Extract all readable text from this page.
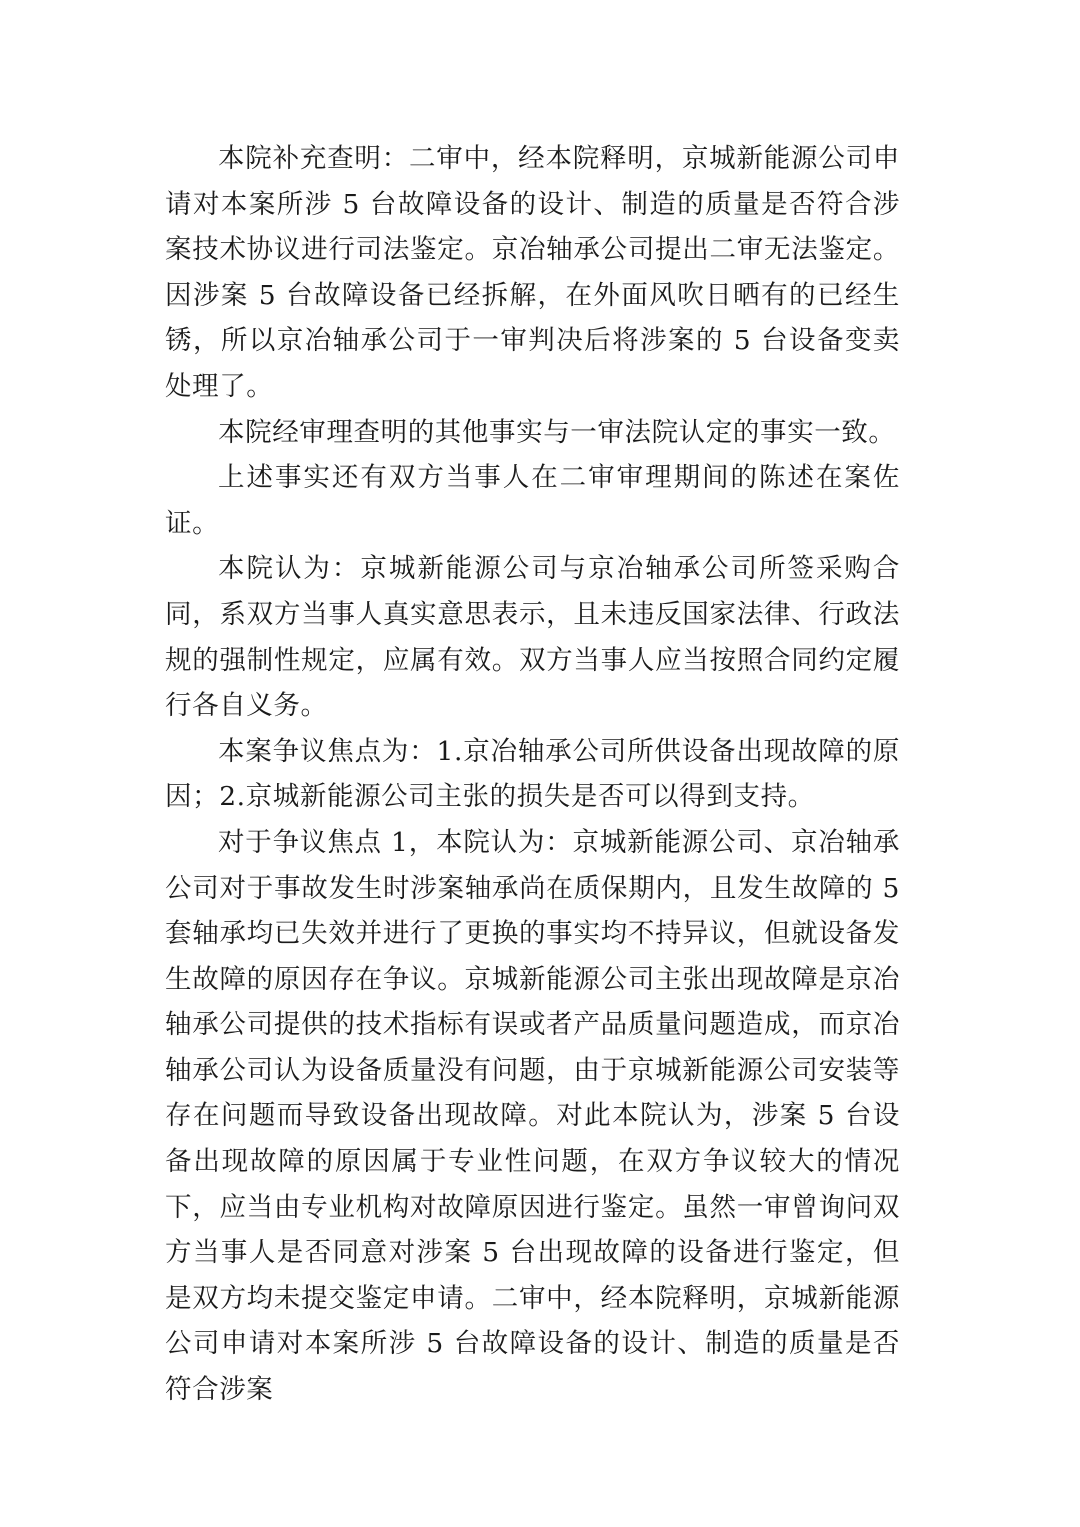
本院补充查明：二审中，经本院释明，京城新能源公司申请对本案所涉 5 台故障设备的设计、制造的质量是否符合涉案技术协议进行司法鉴定。京冶轴承公司提出二审无法鉴定。因涉案 5 台故障设备已经拆解，在外面风吹日晒有的已经生锈，所以京冶轴承公司于一审判决后将涉案的 5 台设备变卖处理了。

本院经审理查明的其他事实与一审法院认定的事实一致。

上述事实还有双方当事人在二审审理期间的陈述在案佐证。

本院认为：京城新能源公司与京冶轴承公司所签采购合同，系双方当事人真实意思表示，且未违反国家法律、行政法规的强制性规定，应属有效。双方当事人应当按照合同约定履行各自义务。

本案争议焦点为：1.京冶轴承公司所供设备出现故障的原因；2.京城新能源公司主张的损失是否可以得到支持。

对于争议焦点 1，本院认为：京城新能源公司、京冶轴承公司对于事故发生时涉案轴承尚在质保期内，且发生故障的 5 套轴承均已失效并进行了更换的事实均不持异议，但就设备发生故障的原因存在争议。京城新能源公司主张出现故障是京冶轴承公司提供的技术指标有误或者产品质量问题造成，而京冶轴承公司认为设备质量没有问题，由于京城新能源公司安装等存在问题而导致设备出现故障。对此本院认为，涉案 5 台设备出现故障的原因属于专业性问题，在双方争议较大的情况下，应当由专业机构对故障原因进行鉴定。虽然一审曾询问双方当事人是否同意对涉案 5 台出现故障的设备进行鉴定，但是双方均未提交鉴定申请。二审中，经本院释明，京城新能源公司申请对本案所涉 5 台故障设备的设计、制造的质量是否符合涉案
